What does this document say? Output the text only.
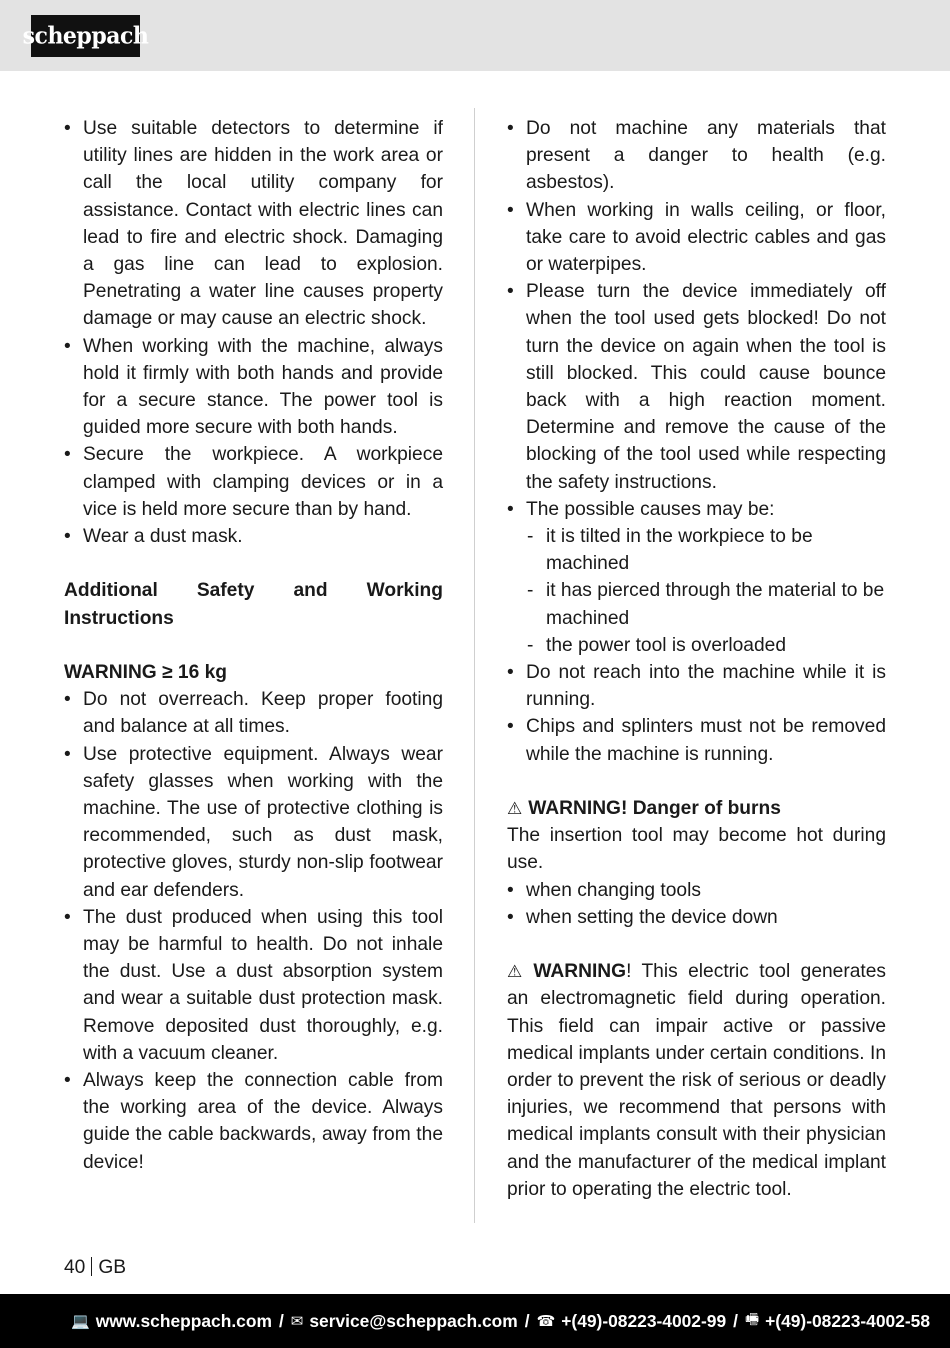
scheppach
• Use suitable detectors to determine if utility lines are hidden in the work area or call the local utility company for assistance. Contact with electric lines can lead to fire and electric shock. Damaging a gas line can lead to explosion. Penetrating a water line causes property damage or may cause an electric shock.
• When working with the machine, always hold it firmly with both hands and provide for a secure stance. The power tool is guided more secure with both hands.
• Secure the workpiece. A workpiece clamped with clamping devices or in a vice is held more secure than by hand.
• Wear a dust mask.
Additional Safety and Working Instructions
WARNING ≥ 16 kg
• Do not overreach. Keep proper footing and balance at all times.
• Use protective equipment. Always wear safety glasses when working with the machine. The use of protective clothing is recommended, such as dust mask, protective gloves, sturdy non-slip footwear and ear defenders.
• The dust produced when using this tool may be harmful to health. Do not inhale the dust. Use a dust absorption system and wear a suitable dust protection mask. Remove deposited dust thoroughly, e.g. with a vacuum cleaner.
• Always keep the connection cable from the working area of the device. Always guide the cable backwards, away from the device!
• Do not machine any materials that present a danger to health (e.g. asbestos).
• When working in walls ceiling, or floor, take care to avoid electric cables and gas or waterpipes.
• Please turn the device immediately off when the tool used gets blocked! Do not turn the device on again when the tool is still blocked. This could cause bounce back with a high reaction moment. Determine and remove the cause of the blocking of the tool used while respecting the safety instructions.
• The possible causes may be:
- it is tilted in the workpiece to be machined
- it has pierced through the material to be machined
- the power tool is overloaded
• Do not reach into the machine while it is running.
• Chips and splinters must not be removed while the machine is running.
⚠ WARNING! Danger of burns

The insertion tool may become hot during use.

• when changing tools
• when setting the device down

⚠ WARNING! This electric tool generates an electromagnetic field during operation. This field can impair active or passive medical implants under certain conditions. In order to prevent the risk of serious or deadly injuries, we recommend that persons with medical implants consult with their physician and the manufacturer of the medical implant prior to operating the electric tool.

40 GB
💻 www.scheppach.com / ✉ service@scheppach.com / ☎ +(49)-08223-4002-99 / 🖷 +(49)-08223-4002-58
